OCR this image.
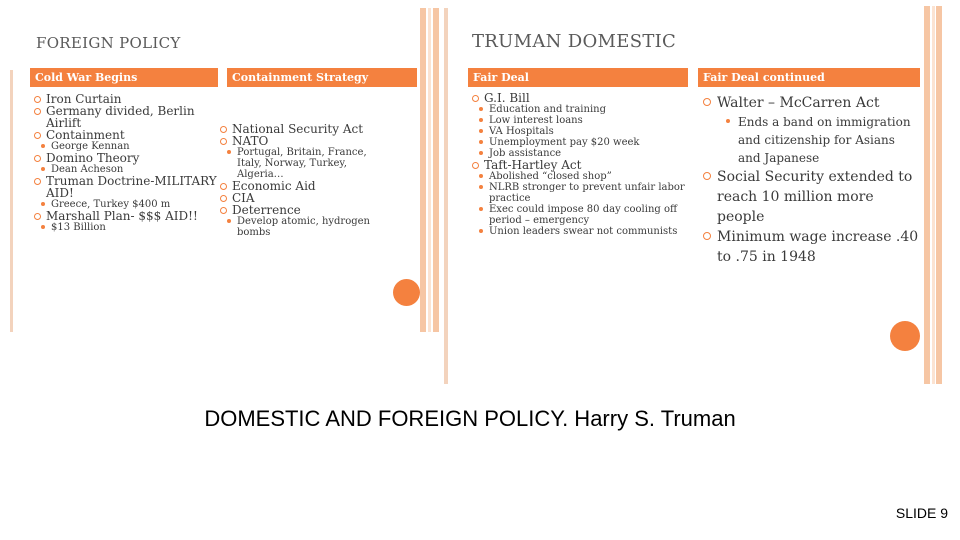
FOREIGN POLICY
Cold War Begins	Containment Strategy
Iron Curtain
Germany divided, Berlin Airlift
Containment
George Kennan
Domino Theory
Dean Acheson
Truman Doctrine-MILITARY AID!
Greece, Turkey $400 m
Marshall Plan- $$$ AID!!
$13 Billion
National Security Act
NATO
Portugal, Britain, France, Italy, Norway, Turkey, Algeria…
Economic Aid
CIA
Deterrence
Develop atomic, hydrogen bombs
TRUMAN DOMESTIC
Fair Deal	Fair Deal continued
G.I. Bill
Education and training
Low interest loans
VA Hospitals
Unemployment pay $20 week
Job assistance
Taft-Hartley Act
Abolished “closed shop”
NLRB stronger to prevent unfair labor practice
Exec could impose 80 day cooling off period – emergency
Union leaders swear not communists
Walter – McCarren Act
Ends a band on immigration and citizenship for Asians and Japanese
Social Security extended to reach 10 million more people
Minimum wage increase .40 to .75 in 1948
DOMESTIC AND FOREIGN POLICY. Harry S. Truman
SLIDE 9
